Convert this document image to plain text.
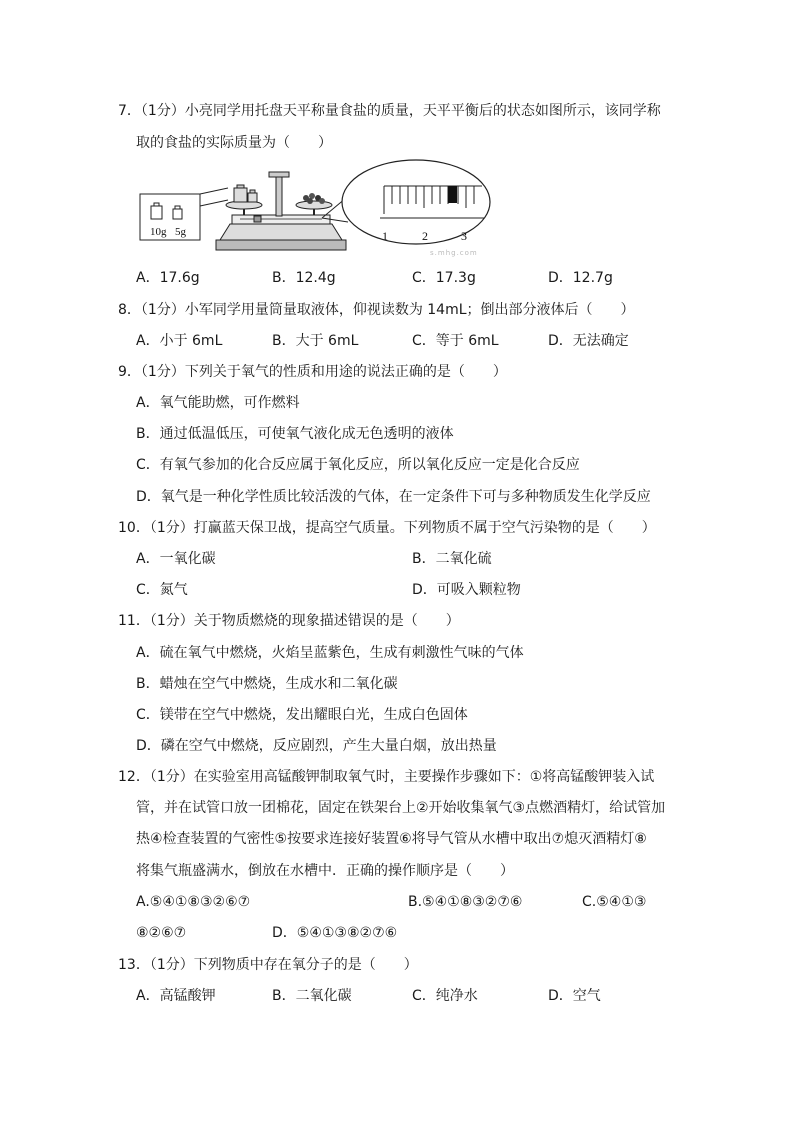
7．（1分）小亮同学用托盘天平称量食盐的质量，天平平衡后的状态如图所示，该同学称
取的食盐的实际质量为（　　）
10g 5g	1	2	3
s.mhg.com
A．17.6g	B．12.4g	C．17.3g	D．12.7g
8．（1分）小军同学用量筒量取液体，仰视读数为 14mL；倒出部分液体后（　　）
A．小于 6mL	B．大于 6mL	C．等于 6mL	D．无法确定
9．（1分）下列关于氧气的性质和用途的说法正确的是（　　）
A．氧气能助燃，可作燃料
B．通过低温低压，可使氧气液化成无色透明的液体
C．有氧气参加的化合反应属于氧化反应，所以氧化反应一定是化合反应
D．氧气是一种化学性质比较活泼的气体，在一定条件下可与多种物质发生化学反应
10．（1分）打赢蓝天保卫战，提高空气质量。下列物质不属于空气污染物的是（　　）
A．一氧化碳	B．二氧化硫
C．氮气	D．可吸入颗粒物
11．（1分）关于物质燃烧的现象描述错误的是（　　）
A．硫在氧气中燃烧，火焰呈蓝紫色，生成有刺激性气味的气体
B．蜡烛在空气中燃烧，生成水和二氧化碳
C．镁带在空气中燃烧，发出耀眼白光，生成白色固体
D．磷在空气中燃烧，反应剧烈，产生大量白烟，放出热量
12．（1分）在实验室用高锰酸钾制取氧气时，主要操作步骤如下：①将高锰酸钾装入试
管，并在试管口放一团棉花，固定在铁架台上②开始收集氧气③点燃酒精灯，给试管加
热④检查装置的气密性⑤按要求连接好装置⑥将导气管从水槽中取出⑦熄灭酒精灯⑧
将集气瓶盛满水，倒放在水槽中．正确的操作顺序是（　　）
A.⑤④①⑧③②⑥⑦	B.⑤④①⑧③②⑦⑥	C.⑤④①③
⑧②⑥⑦	D．⑤④①③⑧②⑦⑥
13．（1分）下列物质中存在氧分子的是（　　）
A．高锰酸钾	B．二氧化碳	C．纯净水	D．空气
